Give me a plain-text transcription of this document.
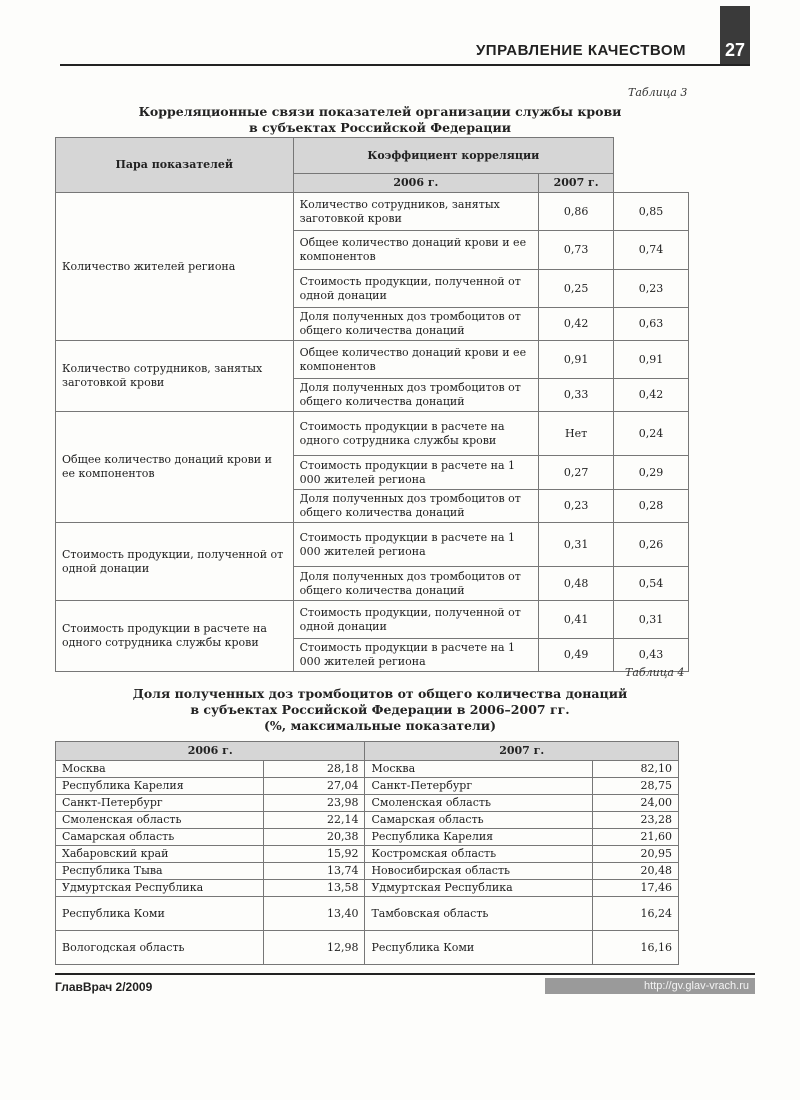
УПРАВЛЕНИЕ КАЧЕСТВОМ 27
Таблица 3
Корреляционные связи показателей организации службы крови
в субъектах Российской Федерации
Пара показателей	Коэффициент корреляции		
	2006 г.	2007 г.	
Количество жителей региона	Количество сотрудников, занятых заготовкой крови	0,86	0,85
	Общее количество донаций крови и ее компонентов	0,73	0,74
	Стоимость продукции, полученной от одной донации	0,25	0,23
	Доля полученных доз тромбоцитов от общего количества донаций	0,42	0,63
Количество сотрудников, занятых заготовкой крови	Общее количество донаций крови и ее компонентов	0,91	0,91
	Доля полученных доз тромбоцитов от общего количества донаций	0,33	0,42
Общее количество донаций крови и ее компонентов	Стоимость продукции в расчете на одного сотрудника службы крови	Нет	0,24
	Стоимость продукции в расчете на 1 000 жителей региона	0,27	0,29
	Доля полученных доз тромбоцитов от общего количества донаций	0,23	0,28
Стоимость продукции, полученной от одной донации	Стоимость продукции в расчете на 1 000 жителей региона	0,31	0,26
	Доля полученных доз тромбоцитов от общего количества донаций	0,48	0,54
Стоимость продукции в расчете на одного сотрудника службы крови	Стоимость продукции, полученной от одной донации	0,41	0,31
	Стоимость продукции в расчете на 1 000 жителей региона	0,49	0,43
Таблица 4
Доля полученных доз тромбоцитов от общего количества донаций
в субъектах Российской Федерации в 2006–2007 гг.
(%, максимальные показатели)
2006 г.		2007 г.	
Москва	28,18	Москва	82,10
Республика Карелия	27,04	Санкт-Петербург	28,75
Санкт-Петербург	23,98	Смоленская область	24,00
Смоленская область	22,14	Самарская область	23,28
Самарская область	20,38	Республика Карелия	21,60
Хабаровский край	15,92	Костромская область	20,95
Республика Тыва	13,74	Новосибирская область	20,48
Удмуртская Республика	13,58	Удмуртская Республика	17,46
Республика Коми	13,40	Тамбовская область	16,24
Вологодская область	12,98	Республика Коми	16,16
ГлавВрач 2/2009	http://gv.glav-vrach.ru
